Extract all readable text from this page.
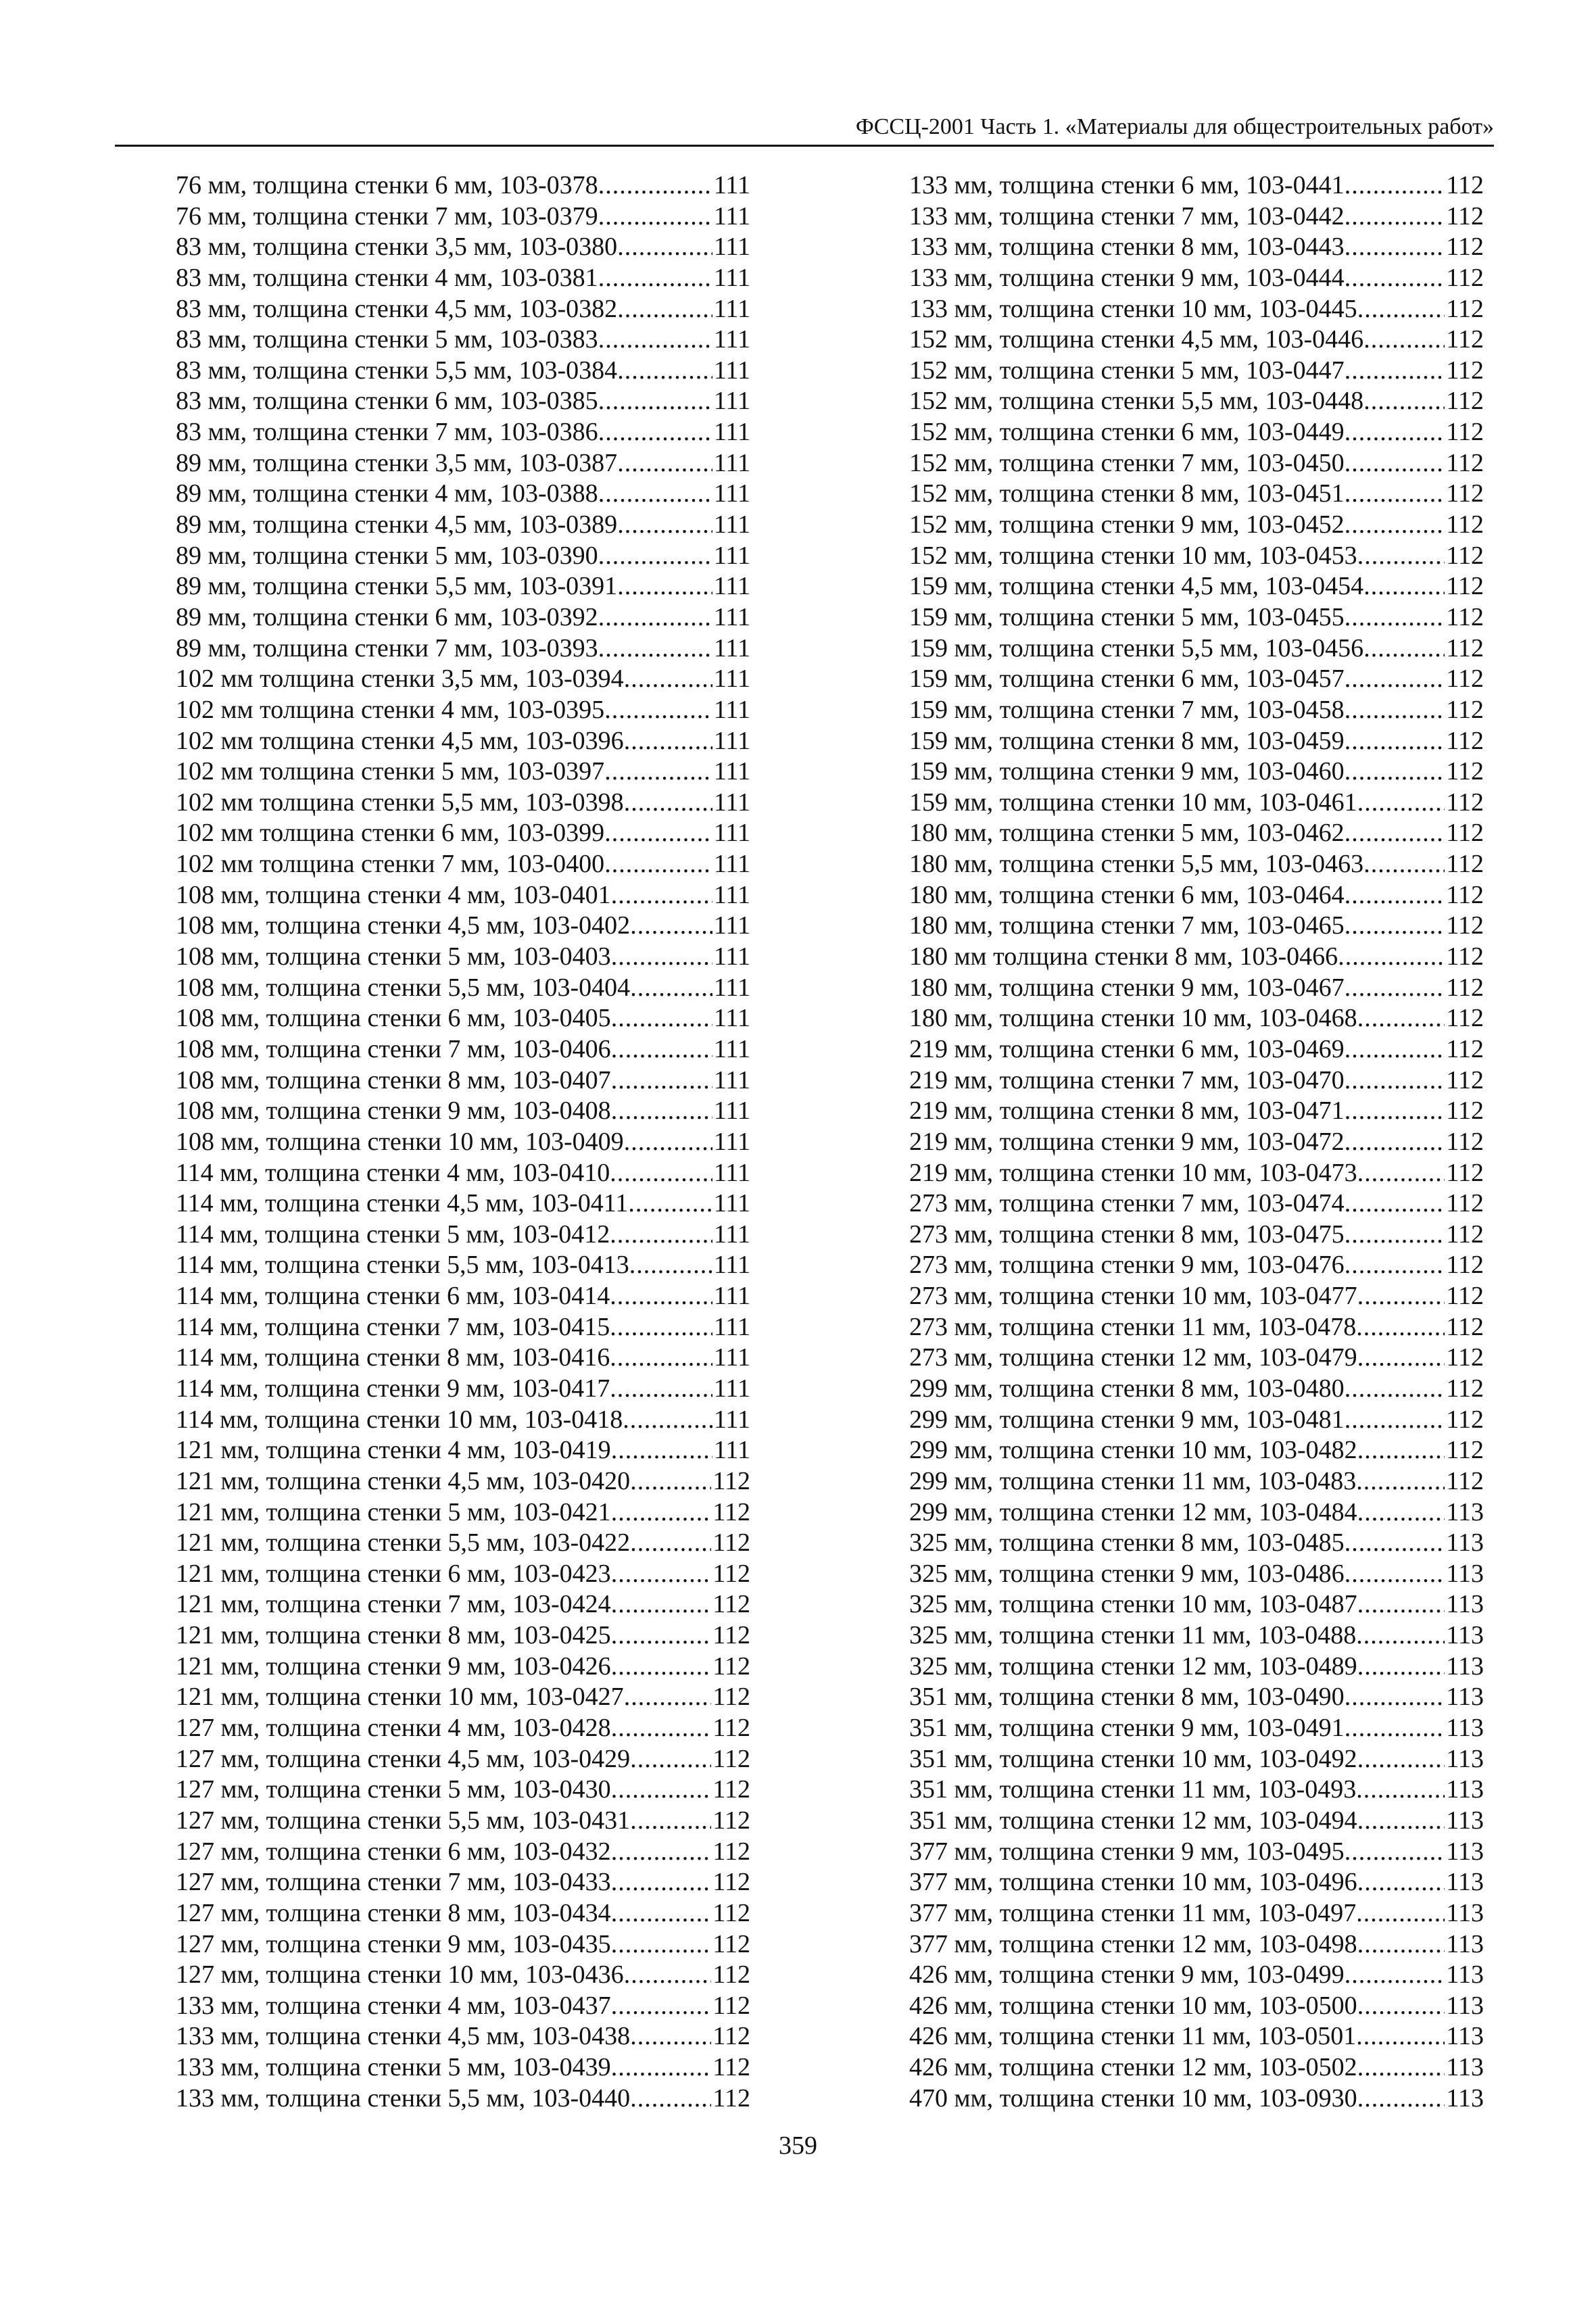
ФССЦ-2001 Часть 1. «Материалы для общестроительных работ»
76 мм, толщина стенки 6 мм, 103-0378 .....	111
76 мм, толщина стенки 7 мм, 103-0379 .....	111
83 мм, толщина стенки 3,5 мм, 103-0380 .....	111
83 мм, толщина стенки 4 мм, 103-0381 .....	111
83 мм, толщина стенки 4,5 мм, 103-0382 .....	111
83 мм, толщина стенки 5 мм, 103-0383 .....	111
83 мм, толщина стенки 5,5 мм, 103-0384 .....	111
83 мм, толщина стенки 6 мм, 103-0385 .....	111
83 мм, толщина стенки 7 мм, 103-0386 .....	111
89 мм, толщина стенки 3,5 мм, 103-0387 .....	111
89 мм, толщина стенки 4 мм, 103-0388 .....	111
89 мм, толщина стенки 4,5 мм, 103-0389 .....	111
89 мм, толщина стенки 5 мм, 103-0390 .....	111
89 мм, толщина стенки 5,5 мм, 103-0391 .....	111
89 мм, толщина стенки 6 мм, 103-0392 .....	111
89 мм, толщина стенки 7 мм, 103-0393 .....	111
102 мм толщина стенки 3,5 мм, 103-0394 .....	111
102 мм толщина стенки 4 мм, 103-0395 .....	111
102 мм толщина стенки 4,5 мм, 103-0396 .....	111
102 мм толщина стенки 5 мм, 103-0397 .....	111
102 мм толщина стенки 5,5 мм, 103-0398 .....	111
102 мм толщина стенки 6 мм, 103-0399 .....	111
102 мм толщина стенки 7 мм, 103-0400 .....	111
108 мм, толщина стенки 4 мм, 103-0401 .....	111
108 мм, толщина стенки 4,5 мм, 103-0402 .....	111
108 мм, толщина стенки 5 мм, 103-0403 .....	111
108 мм, толщина стенки 5,5 мм, 103-0404 .....	111
108 мм, толщина стенки 6 мм, 103-0405 .....	111
108 мм, толщина стенки 7 мм, 103-0406 .....	111
108 мм, толщина стенки 8 мм, 103-0407 .....	111
108 мм, толщина стенки 9 мм, 103-0408 .....	111
108 мм, толщина стенки 10 мм, 103-0409 .....	111
114 мм, толщина стенки 4 мм, 103-0410 .....	111
114 мм, толщина стенки 4,5 мм, 103-0411 .....	111
114 мм, толщина стенки 5 мм, 103-0412 .....	111
114 мм, толщина стенки 5,5 мм, 103-0413 .....	111
114 мм, толщина стенки 6 мм, 103-0414 .....	111
114 мм, толщина стенки 7 мм, 103-0415 .....	111
114 мм, толщина стенки 8 мм, 103-0416 .....	111
114 мм, толщина стенки 9 мм, 103-0417 .....	111
114 мм, толщина стенки 10 мм, 103-0418 .....	111
121 мм, толщина стенки 4 мм, 103-0419 .....	111
121 мм, толщина стенки 4,5 мм, 103-0420 .....	112
121 мм, толщина стенки 5 мм, 103-0421 .....	112
121 мм, толщина стенки 5,5 мм, 103-0422 .....	112
121 мм, толщина стенки 6 мм, 103-0423 .....	112
121 мм, толщина стенки 7 мм, 103-0424 .....	112
121 мм, толщина стенки 8 мм, 103-0425 .....	112
121 мм, толщина стенки 9 мм, 103-0426 .....	112
121 мм, толщина стенки 10 мм, 103-0427 .....	112
127 мм, толщина стенки 4 мм, 103-0428 .....	112
127 мм, толщина стенки 4,5 мм, 103-0429 .....	112
127 мм, толщина стенки 5 мм, 103-0430 .....	112
127 мм, толщина стенки 5,5 мм, 103-0431 .....	112
127 мм, толщина стенки 6 мм, 103-0432 .....	112
127 мм, толщина стенки 7 мм, 103-0433 .....	112
127 мм, толщина стенки 8 мм, 103-0434 .....	112
127 мм, толщина стенки 9 мм, 103-0435 .....	112
127 мм, толщина стенки 10 мм, 103-0436 .....	112
133 мм, толщина стенки 4 мм, 103-0437 .....	112
133 мм, толщина стенки 4,5 мм, 103-0438 .....	112
133 мм, толщина стенки 5 мм, 103-0439 .....	112
133 мм, толщина стенки 5,5 мм, 103-0440 .....	112
133 мм, толщина стенки 6 мм, 103-0441 .....	112
133 мм, толщина стенки 7 мм, 103-0442 .....	112
133 мм, толщина стенки 8 мм, 103-0443 .....	112
133 мм, толщина стенки 9 мм, 103-0444 .....	112
133 мм, толщина стенки 10 мм, 103-0445 .....	112
152 мм, толщина стенки 4,5 мм, 103-0446 .....	112
152 мм, толщина стенки 5 мм, 103-0447 .....	112
152 мм, толщина стенки 5,5 мм, 103-0448 .....	112
152 мм, толщина стенки 6 мм, 103-0449 .....	112
152 мм, толщина стенки 7 мм, 103-0450 .....	112
152 мм, толщина стенки 8 мм, 103-0451 .....	112
152 мм, толщина стенки 9 мм, 103-0452 .....	112
152 мм, толщина стенки 10 мм, 103-0453 .....	112
159 мм, толщина стенки 4,5 мм, 103-0454 .....	112
159 мм, толщина стенки 5 мм, 103-0455 .....	112
159 мм, толщина стенки 5,5 мм, 103-0456 .....	112
159 мм, толщина стенки 6 мм, 103-0457 .....	112
159 мм, толщина стенки 7 мм, 103-0458 .....	112
159 мм, толщина стенки 8 мм, 103-0459 .....	112
159 мм, толщина стенки 9 мм, 103-0460 .....	112
159 мм, толщина стенки 10 мм, 103-0461 .....	112
180 мм, толщина стенки 5 мм, 103-0462 .....	112
180 мм, толщина стенки 5,5 мм, 103-0463 .....	112
180 мм, толщина стенки 6 мм, 103-0464 .....	112
180 мм, толщина стенки 7 мм, 103-0465 .....	112
180 мм толщина стенки 8 мм, 103-0466 .....	112
180 мм, толщина стенки 9 мм, 103-0467 .....	112
180 мм, толщина стенки 10 мм, 103-0468 .....	112
219 мм, толщина стенки 6 мм, 103-0469 .....	112
219 мм, толщина стенки 7 мм, 103-0470 .....	112
219 мм, толщина стенки 8 мм, 103-0471 .....	112
219 мм, толщина стенки 9 мм, 103-0472 .....	112
219 мм, толщина стенки 10 мм, 103-0473 .....	112
273 мм, толщина стенки 7 мм, 103-0474 .....	112
273 мм, толщина стенки 8 мм, 103-0475 .....	112
273 мм, толщина стенки 9 мм, 103-0476 .....	112
273 мм, толщина стенки 10 мм, 103-0477 .....	112
273 мм, толщина стенки 11 мм, 103-0478 .....	112
273 мм, толщина стенки 12 мм, 103-0479 .....	112
299 мм, толщина стенки 8 мм, 103-0480 .....	112
299 мм, толщина стенки 9 мм, 103-0481 .....	112
299 мм, толщина стенки 10 мм, 103-0482 .....	112
299 мм, толщина стенки 11 мм, 103-0483 .....	112
299 мм, толщина стенки 12 мм, 103-0484 .....	113
325 мм, толщина стенки 8 мм, 103-0485 .....	113
325 мм, толщина стенки 9 мм, 103-0486 .....	113
325 мм, толщина стенки 10 мм, 103-0487 .....	113
325 мм, толщина стенки 11 мм, 103-0488 .....	113
325 мм, толщина стенки 12 мм, 103-0489 .....	113
351 мм, толщина стенки 8 мм, 103-0490 .....	113
351 мм, толщина стенки 9 мм, 103-0491 .....	113
351 мм, толщина стенки 10 мм, 103-0492 .....	113
351 мм, толщина стенки 11 мм, 103-0493 .....	113
351 мм, толщина стенки 12 мм, 103-0494 .....	113
377 мм, толщина стенки 9 мм, 103-0495 .....	113
377 мм, толщина стенки 10 мм, 103-0496 .....	113
377 мм, толщина стенки 11 мм, 103-0497 .....	113
377 мм, толщина стенки 12 мм, 103-0498 .....	113
426 мм, толщина стенки 9 мм, 103-0499 .....	113
426 мм, толщина стенки 10 мм, 103-0500 .....	113
426 мм, толщина стенки 11 мм, 103-0501 .....	113
426 мм, толщина стенки 12 мм, 103-0502 .....	113
470 мм, толщина стенки 10 мм, 103-0930 .....	113
359
